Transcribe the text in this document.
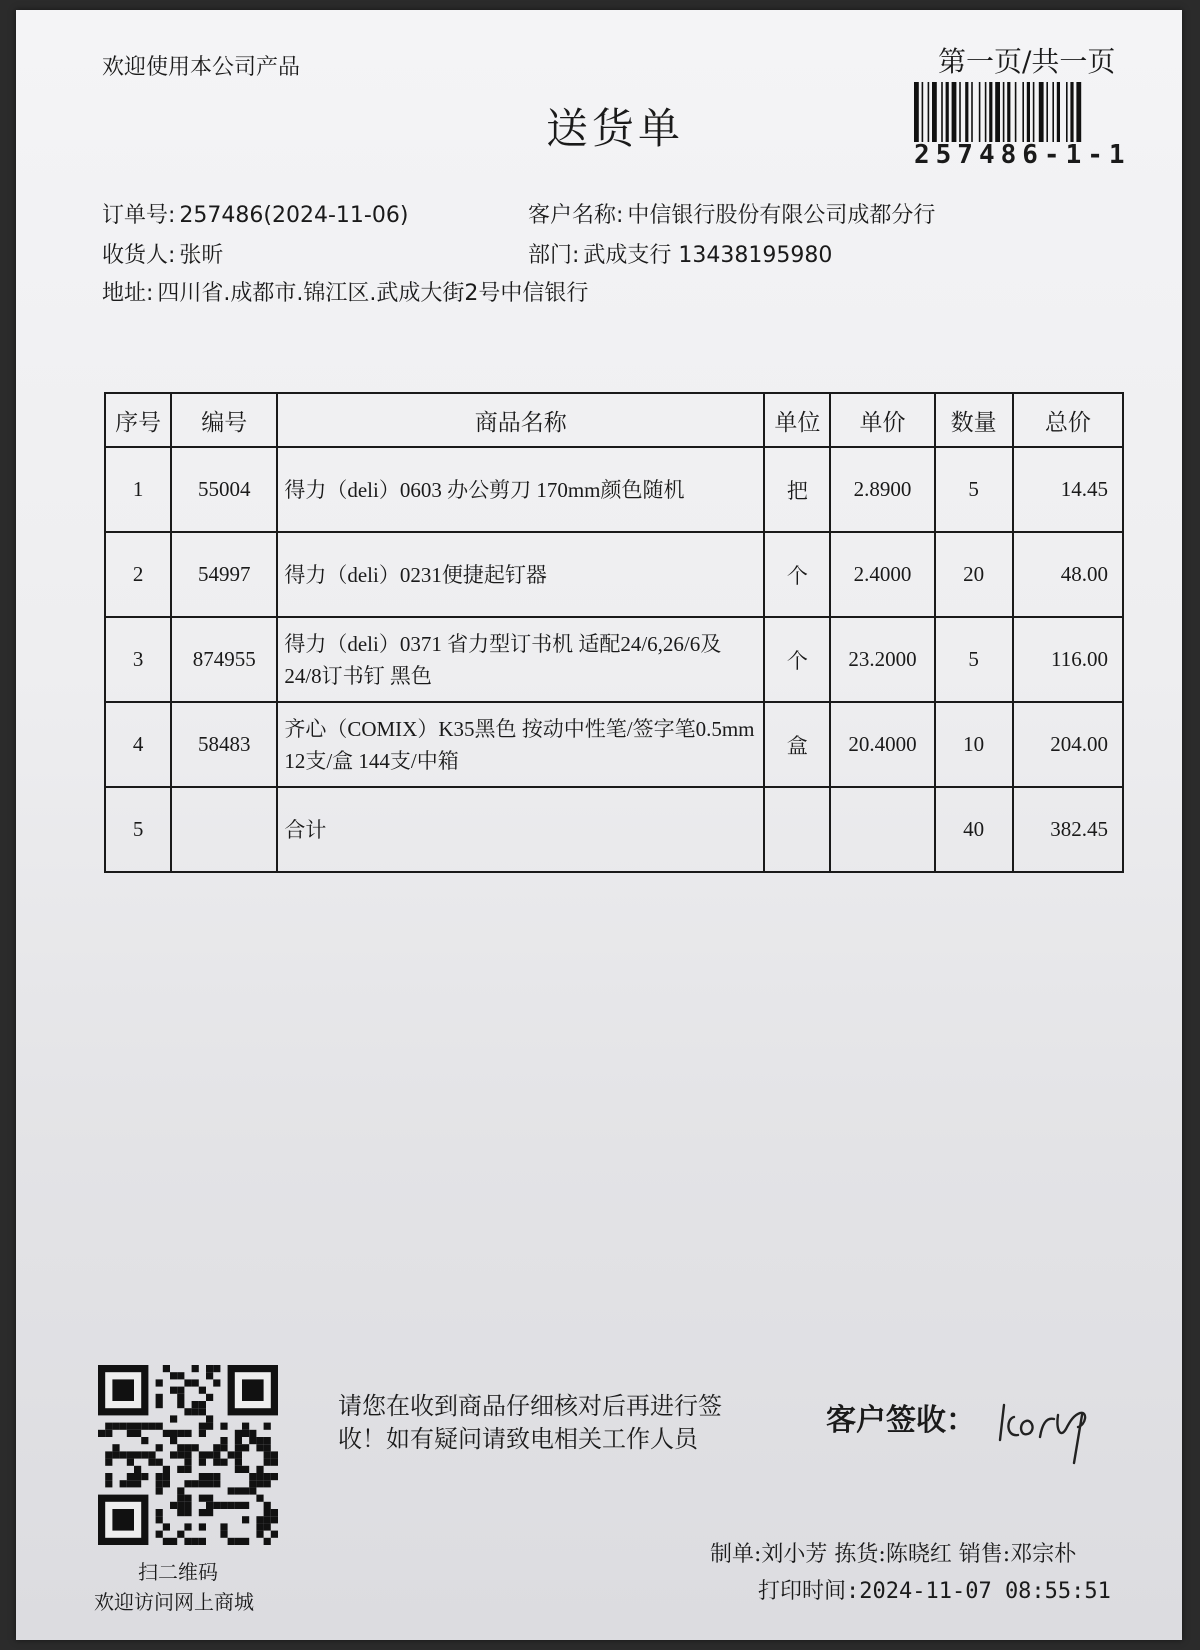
欢迎使用本公司产品	第一页/共一页
257486-1-1
送货单
订单号: 257486(2024-11-06)	客户名称: 中信银行股份有限公司成都分行
收货人: 张昕	部门: 武成支行 13438195980
地址: 四川省.成都市.锦江区.武成大街2号中信银行
序号	编号	商品名称	单位	单价	数量	总价
1	55004	得力（deli）0603 办公剪刀 170mm颜色随机	把	2.8900	5	14.45
2	54997	得力（deli）0231便捷起钉器	个	2.4000	20	48.00
3	874955	得力（deli）0371 省力型订书机 适配24/6,26/6及24/8订书钉 黑色	个	23.2000	5	116.00
4	58483	齐心（COMIX）K35黑色 按动中性笔/签字笔0.5mm 12支/盒 144支/中箱	盒	20.4000	10	204.00
5		合计			40	382.45
扫二维码
欢迎访问网上商城
请您在收到商品仔细核对后再进行签收！如有疑问请致电相关工作人员
客户签收：
制单:刘小芳 拣货:陈晓红 销售:邓宗朴
打印时间:2024-11-07 08:55:51
